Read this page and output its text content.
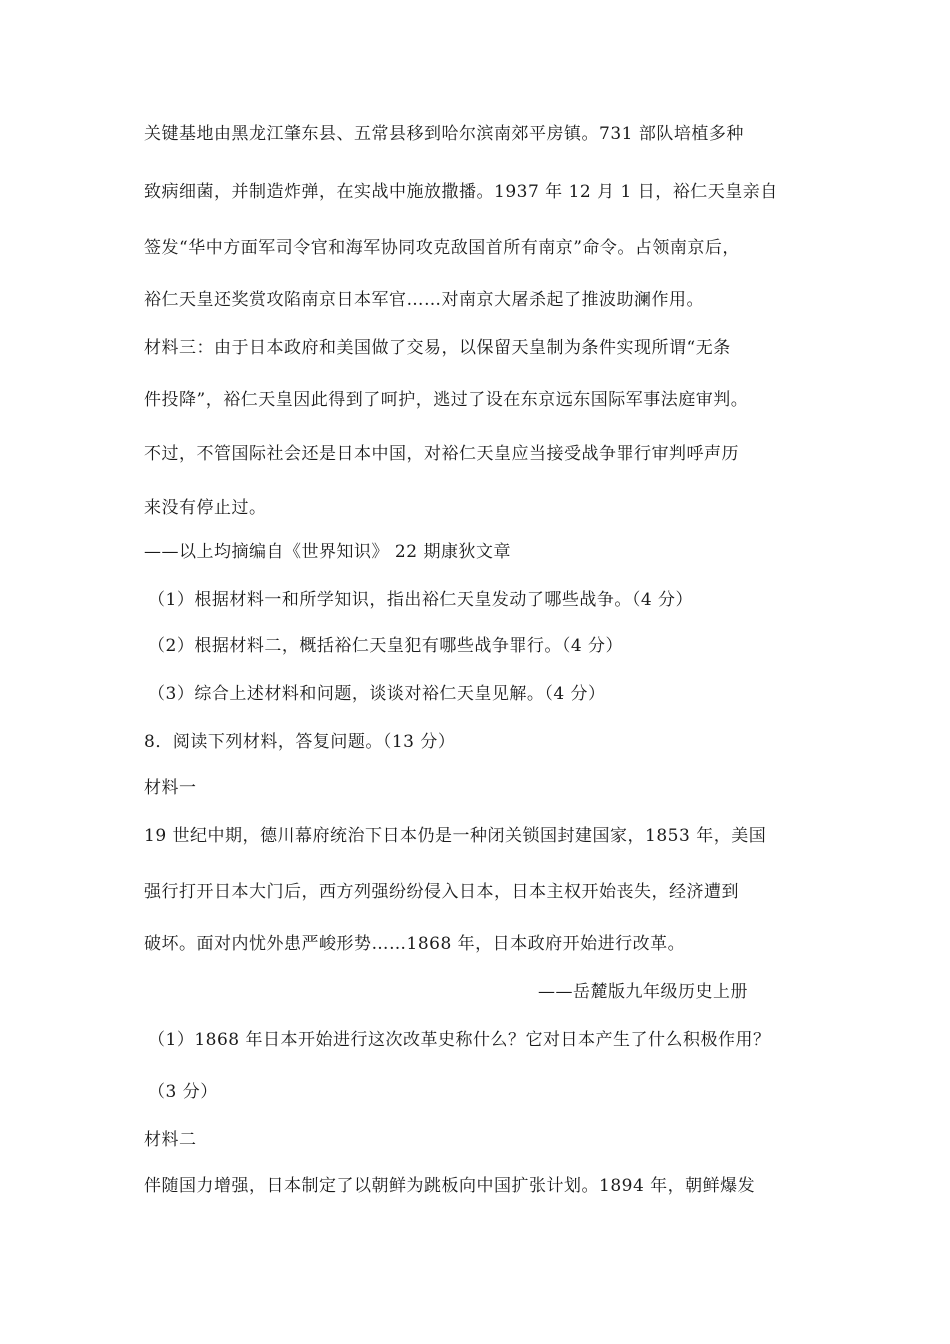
关键基地由黑龙江肇东县、五常县移到哈尔滨南郊平房镇。731 部队培植多种
致病细菌，并制造炸弹，在实战中施放撒播。1937 年 12 月 1 日，裕仁天皇亲自
签发“华中方面军司令官和海军协同攻克敌国首所有南京”命令。占领南京后，
裕仁天皇还奖赏攻陷南京日本军官……对南京大屠杀起了推波助澜作用。
材料三：由于日本政府和美国做了交易，以保留天皇制为条件实现所谓“无条
件投降”，裕仁天皇因此得到了呵护，逃过了设在东京远东国际军事法庭审判。
不过，不管国际社会还是日本中国，对裕仁天皇应当接受战争罪行审判呼声历
来没有停止过。
——以上均摘编自《世界知识》 22 期康狄文章
（1）根据材料一和所学知识，指出裕仁天皇发动了哪些战争。（4 分）
（2）根据材料二，概括裕仁天皇犯有哪些战争罪行。（4 分）
（3）综合上述材料和问题，谈谈对裕仁天皇见解。（4 分）
8．阅读下列材料，答复问题。（13 分）
材料一
19 世纪中期，德川幕府统治下日本仍是一种闭关锁国封建国家，1853 年，美国
强行打开日本大门后，西方列强纷纷侵入日本，日本主权开始丧失，经济遭到
破坏。面对内忧外患严峻形势……1868 年，日本政府开始进行改革。
——岳麓版九年级历史上册
（1）1868 年日本开始进行这次改革史称什么？它对日本产生了什么积极作用？
（3 分）
材料二
伴随国力增强，日本制定了以朝鲜为跳板向中国扩张计划。1894 年，朝鲜爆发
